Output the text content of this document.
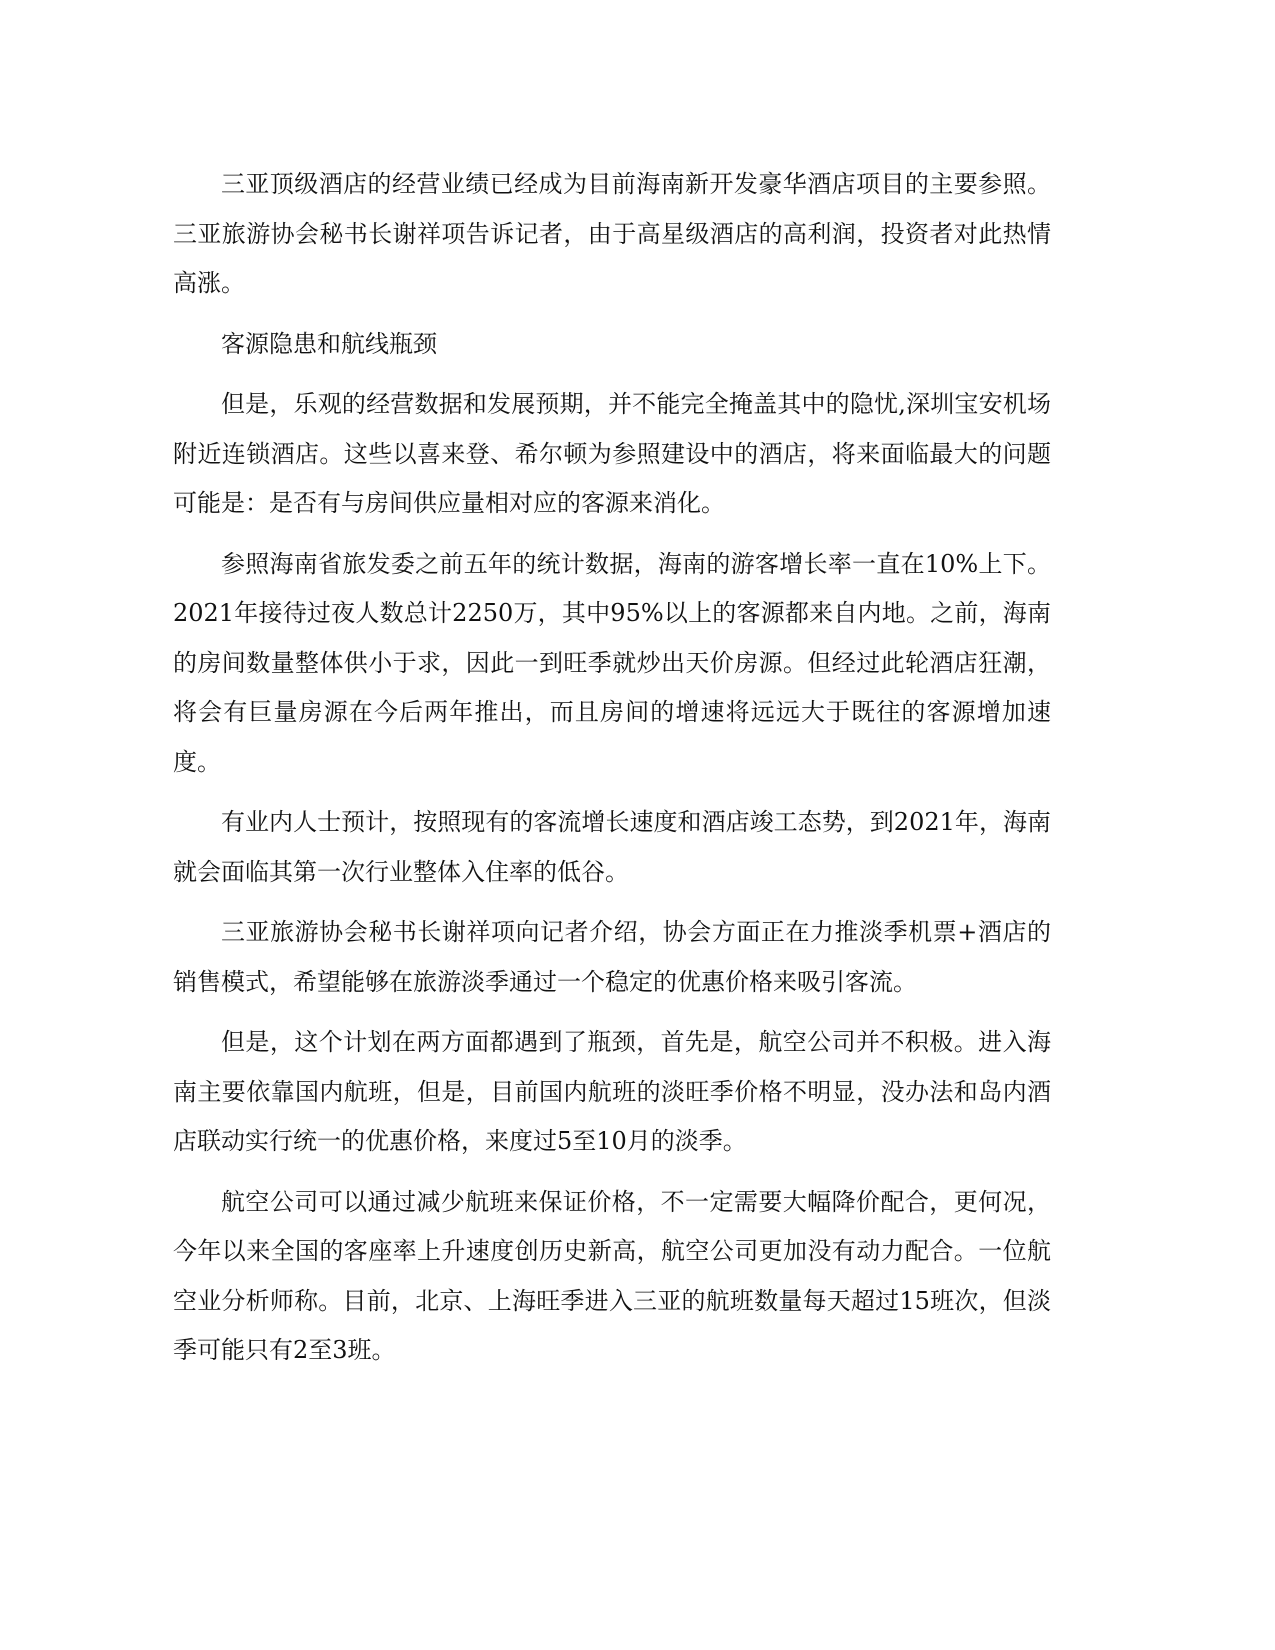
三亚顶级酒店的经营业绩已经成为目前海南新开发豪华酒店项目的主要参照。三亚旅游协会秘书长谢祥项告诉记者，由于高星级酒店的高利润，投资者对此热情高涨。

客源隐患和航线瓶颈

但是，乐观的经营数据和发展预期，并不能完全掩盖其中的隐忧,深圳宝安机场附近连锁酒店。这些以喜来登、希尔顿为参照建设中的酒店，将来面临最大的问题可能是：是否有与房间供应量相对应的客源来消化。

参照海南省旅发委之前五年的统计数据，海南的游客增长率一直在10%上下。2021年接待过夜人数总计2250万，其中95%以上的客源都来自内地。之前，海南的房间数量整体供小于求，因此一到旺季就炒出天价房源。但经过此轮酒店狂潮，将会有巨量房源在今后两年推出，而且房间的增速将远远大于既往的客源增加速度。

有业内人士预计，按照现有的客流增长速度和酒店竣工态势，到2021年，海南就会面临其第一次行业整体入住率的低谷。

三亚旅游协会秘书长谢祥项向记者介绍，协会方面正在力推淡季机票+酒店的销售模式，希望能够在旅游淡季通过一个稳定的优惠价格来吸引客流。

但是，这个计划在两方面都遇到了瓶颈，首先是，航空公司并不积极。进入海南主要依靠国内航班，但是，目前国内航班的淡旺季价格不明显，没办法和岛内酒店联动实行统一的优惠价格，来度过5至10月的淡季。

航空公司可以通过减少航班来保证价格，不一定需要大幅降价配合，更何况，今年以来全国的客座率上升速度创历史新高，航空公司更加没有动力配合。一位航空业分析师称。目前，北京、上海旺季进入三亚的航班数量每天超过15班次，但淡季可能只有2至3班。
